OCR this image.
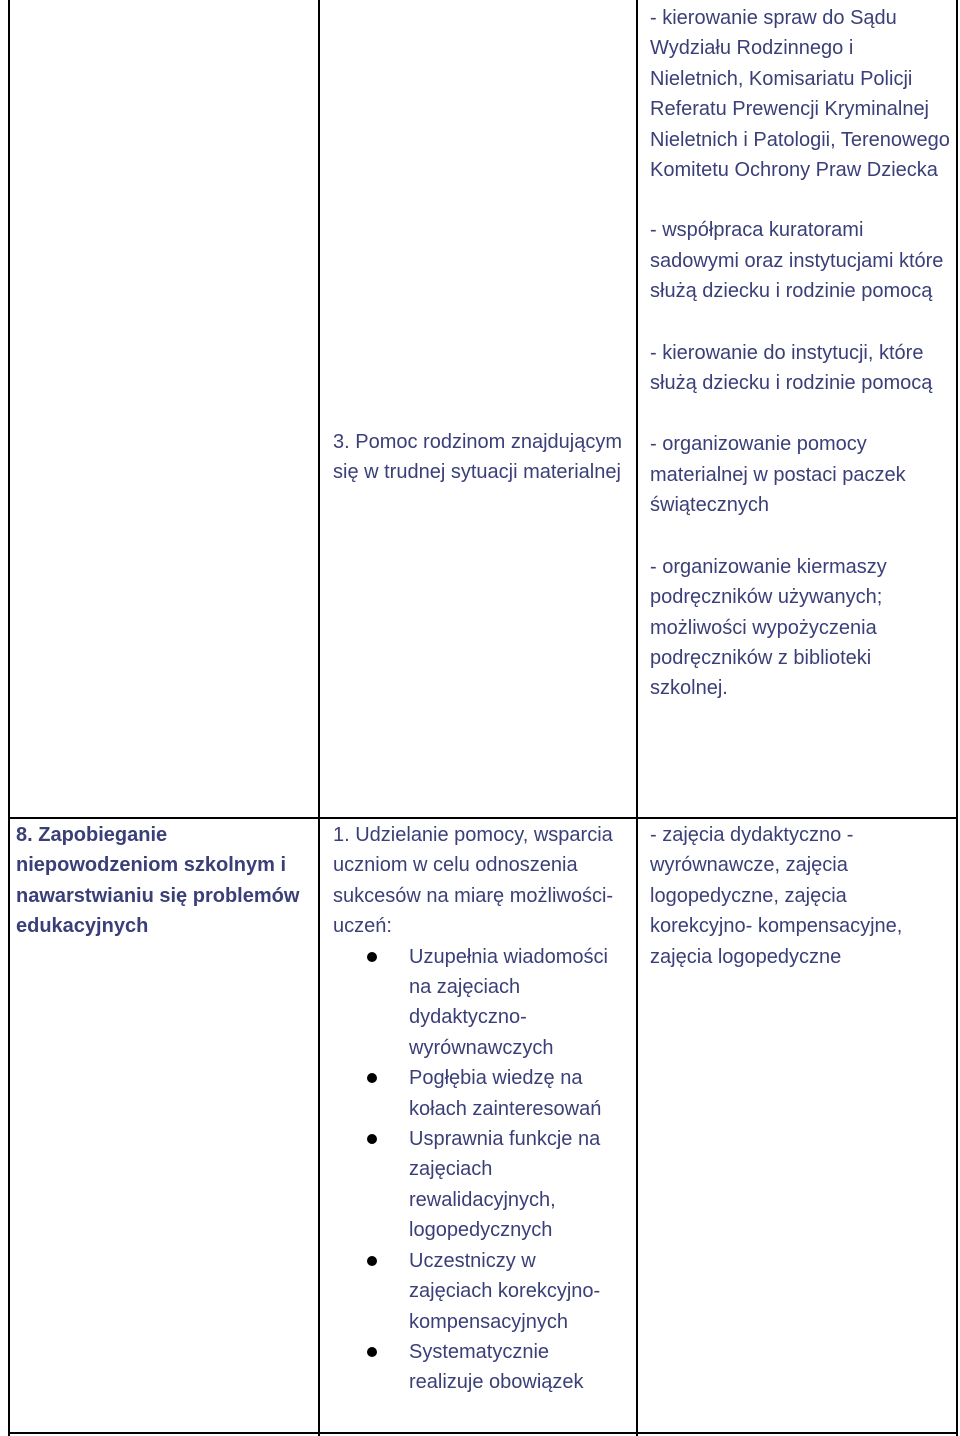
3. Pomoc rodzinom znajdującym się w trudnej sytuacji materialnej

- kierowanie spraw do Sądu Wydziału Rodzinnego i Nieletnich, Komisariatu Policji Referatu Prewencji Kryminalnej Nieletnich i Patologii, Terenowego Komitetu Ochrony Praw Dziecka

- współpraca kuratorami sadowymi oraz instytucjami które służą dziecku i rodzinie pomocą

- kierowanie do instytucji, które służą dziecku i rodzinie pomocą

- organizowanie pomocy materialnej w postaci paczek świątecznych

- organizowanie kiermaszy podręczników używanych; możliwości wypożyczenia podręczników z biblioteki szkolnej.

8. Zapobieganie niepowodzeniom szkolnym i nawarstwianiu się problemów edukacyjnych

1. Udzielanie pomocy, wsparcia uczniom w celu odnoszenia sukcesów na miarę możliwości- uczeń:

Uzupełnia wiadomości na zajęciach dydaktyczno-wyrównawczych
Pogłębia wiedzę na kołach zainteresowań
Usprawnia funkcje na zajęciach rewalidacyjnych, logopedycznych
Uczestniczy w zajęciach korekcyjno-kompensacyjnych
Systematycznie realizuje obowiązek

- zajęcia dydaktyczno - wyrównawcze, zajęcia logopedyczne, zajęcia korekcyjno- kompensacyjne, zajęcia logopedyczne
